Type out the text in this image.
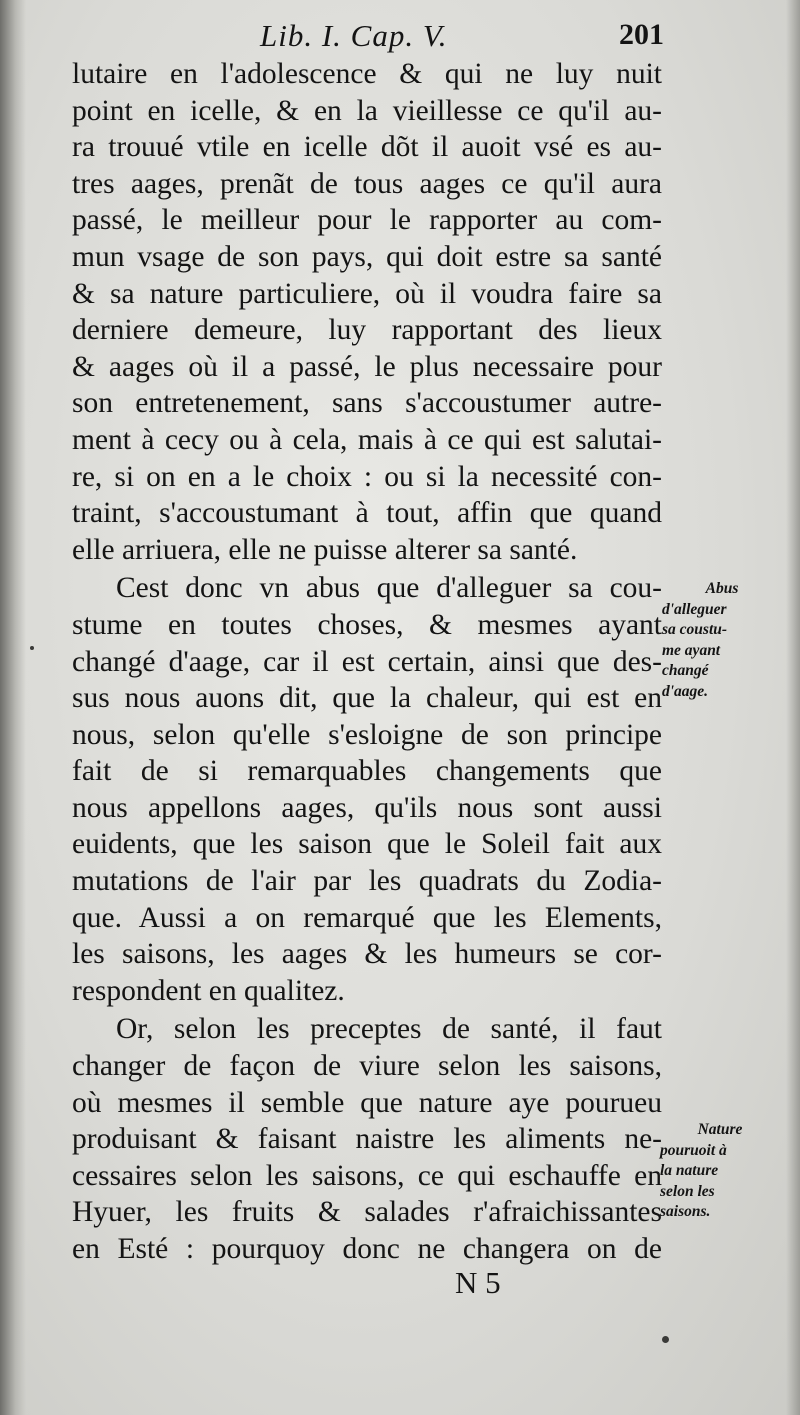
Lib. I. Cap. V.	201
lutaire en l'adolescence & qui ne luy nuit
point en icelle, & en la vieillesse ce qu'il au-
ra trouué vtile en icelle dõt il auoit vsé es au-
tres aages, prenãt de tous aages ce qu'il aura
passé, le meilleur pour le rapporter au com-
mun vsage de son pays, qui doit estre sa santé
& sa nature particuliere, où il voudra faire sa
derniere demeure, luy rapportant des lieux
& aages où il a passé, le plus necessaire pour
son entretenement, sans s'accoustumer autre-
ment à cecy ou à cela, mais à ce qui est salutai-
re, si on en a le choix : ou si la necessité con-
traint, s'accoustumant à tout, affin que quand
elle arriuera, elle ne puisse alterer sa santé.
Cest donc vn abus que d'alleguer sa cou-
stume en toutes choses, & mesmes ayant
changé d'aage, car il est certain, ainsi que des-
sus nous auons dit, que la chaleur, qui est en
nous, selon qu'elle s'esloigne de son principe
fait de si remarquables changements que
nous appellons aages, qu'ils nous sont aussi
euidents, que les saison que le Soleil fait aux
mutations de l'air par les quadrats du Zodia-
que. Aussi a on remarqué que les Elements,
les saisons, les aages & les humeurs se cor-
respondent en qualitez.
Or, selon les preceptes de santé, il faut
changer de façon de viure selon les saisons,
où mesmes il semble que nature aye pourueu
produisant & faisant naistre les aliments ne-
cessaires selon les saisons, ce qui eschauffe en
Hyuer, les fruits & salades r'afraichissantes
en Esté : pourquoy donc ne changera on de
Abus
d'alleguer
sa coustu-
me ayant
changé
d'aage.
Nature
pouruoit à
la nature
selon les
saisons.
N 5
